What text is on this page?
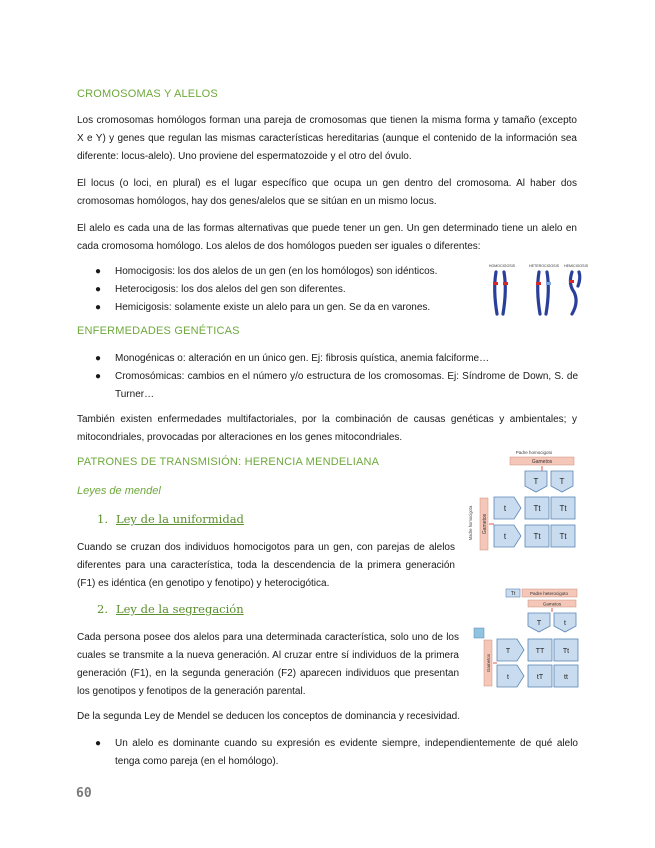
CROMOSOMAS Y ALELOS
Los cromosomas homólogos forman una pareja de cromosomas que tienen la misma forma y tamaño (excepto X e Y) y genes que regulan las mismas características hereditarias (aunque el contenido de la información sea diferente: locus-alelo). Uno proviene del espermatozoide y el otro del óvulo.
El locus (o loci, en plural) es el lugar específico que ocupa un gen dentro del cromosoma. Al haber dos cromosomas homólogos, hay dos genes/alelos que se sitúan en un mismo locus.
El alelo es cada una de las formas alternativas que puede tener un gen. Un gen determinado tiene un alelo en cada cromosoma homólogo. Los alelos de dos homólogos pueden ser iguales o diferentes:
● Homocigosis: los dos alelos de un gen (en los homólogos) son idénticos.
● Heterocigosis: los dos alelos del gen son diferentes.
● Hemicigosis: solamente existe un alelo para un gen. Se da en varones.
HOMOCIGOSIS	HETEROCIGOSIS HEMICIGOSIS
ENFERMEDADES GENÉTICAS
● Monogénicas o: alteración en un único gen. Ej: fibrosis quística, anemia falciforme…
● Cromosómicas: cambios en el número y/o estructura de los cromosomas. Ej: Síndrome de Down, S. de Turner…
También existen enfermedades multifactoriales, por la combinación de causas genéticas y ambientales; y mitocondriales, provocadas por alteraciones en los genes mitocondriales.
PATRONES DE TRANSMISIÓN: HERENCIA MENDELIANA
Leyes de mendel
1. Ley de la uniformidad
Cuando se cruzan dos individuos homocigotos para un gen, con parejas de alelos diferentes para una característica, toda la descendencia de la primera generación (F1) es idéntica (en genotipo y fenotipo) y heterocigótica.
Padre homocigoto
Gametos
T	T
Madre homocigota Gametos
t
t
Tt Tt
Tt Tt
2. Ley de la segregación
Cada persona posee dos alelos para una determinada característica, solo uno de los cuales se transmite a la nueva generación. Al cruzar entre sí individuos de la primera generación (F1), en la segunda generación (F2) aparecen individuos que presentan los genotipos y fenotipos de la generación parental.
Tt	Padre heterocigoto
Gametos
T	t
Gametos
T
t
TT	Tt
tT	tt
De la segunda Ley de Mendel se deducen los conceptos de dominancia y recesividad.
● Un alelo es dominante cuando su expresión es evidente siempre, independientemente de qué alelo tenga como pareja (en el homólogo).
60
